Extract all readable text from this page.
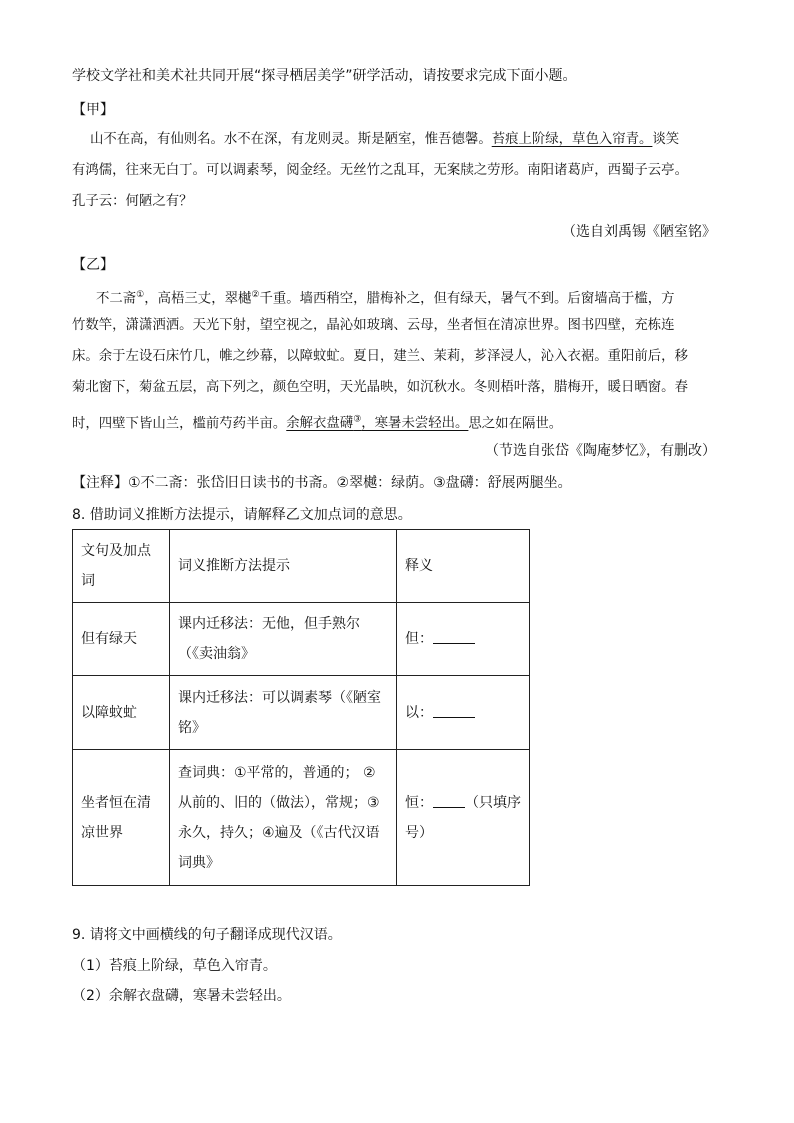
学校文学社和美术社共同开展“探寻栖居美学”研学活动，请按要求完成下面小题。
【甲】
山不在高，有仙则名。水不在深，有龙则灵。斯是陋室，惟吾德馨。苔痕上阶绿，草色入帘青。谈笑
有鸿儒，往来无白丁。可以调素琴，阅金经。无丝竹之乱耳，无案牍之劳形。南阳诸葛庐，西蜀子云亭。
孔子云：何陋之有？
（选自刘禹锡《陋室铭》
【乙】
不二斋①，高梧三丈，翠樾②千重。墙西稍空，腊梅补之，但有绿天，暑气不到。后窗墙高于槛，方
竹数竿，潇潇洒洒。天光下射，望空视之，晶沁如玻璃、云母，坐者恒在清凉世界。图书四壁，充栋连
床。余于左设石床竹几，帷之纱幕，以障蚊虻。夏日，建兰、茉莉，芗泽浸人，沁入衣裾。重阳前后，移
菊北窗下，菊盆五层，高下列之，颜色空明，天光晶映，如沉秋水。冬则梧叶落，腊梅开，暖日晒窗。春
时，四壁下皆山兰，槛前芍药半亩。余解衣盘礴③，寒暑未尝轻出。思之如在隔世。
（节选自张岱《陶庵梦忆》，有删改）
【注释】①不二斋：张岱旧日读书的书斋。②翠樾：绿荫。③盘礴：舒展两腿坐。
8. 借助词义推断方法提示，请解释乙文加点词的意思。
文句及加点词	词义推断方法提示	释义
但有绿天	课内迁移法：无他，但手熟尔（《卖油翁》	但：
以障蚊虻	课内迁移法：可以调素琴（《陋室铭》	以：
坐者恒在清凉世界	查词典：①平常的，普通的； ②从前的、旧的（做法），常规；③永久，持久；④遍及（《古代汉语词典》	恒： （只填序号）
9. 请将文中画横线的句子翻译成现代汉语。
（1）苔痕上阶绿，草色入帘青。
（2）余解衣盘礴，寒暑未尝轻出。
